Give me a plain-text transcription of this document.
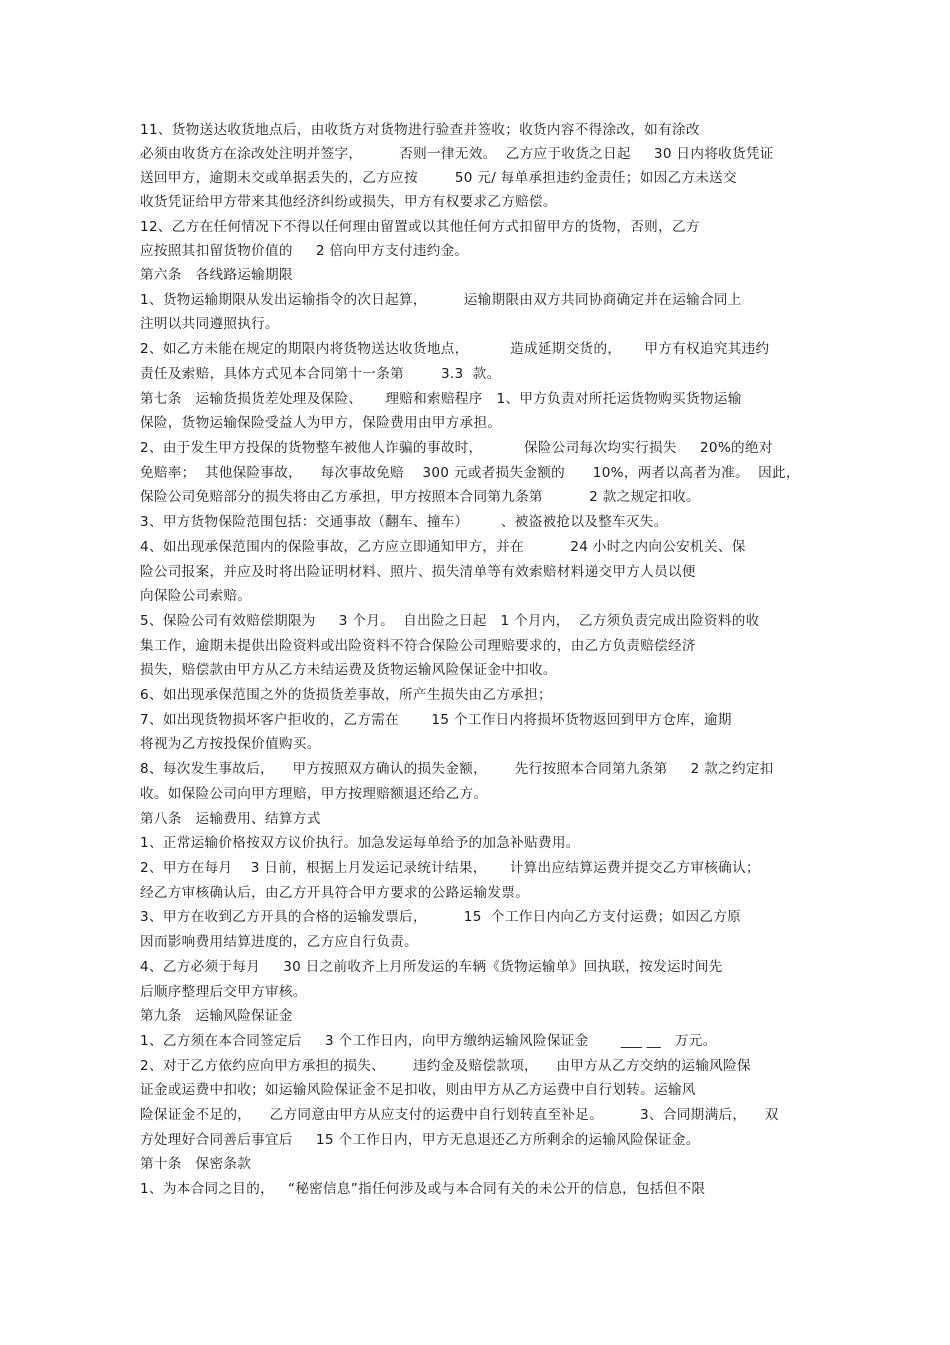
11、货物送达收货地点后，由收货方对货物进行验查并签收；收货内容不得涂改，如有涂改
必须由收货方在涂改处注明并签字，        否则一律无效。  乙方应于收货之日起     30 日内将收货凭证
送回甲方，逾期未交或单据丢失的，乙方应按        50 元/ 每单承担违约金责任；如因乙方未送交
收货凭证给甲方带来其他经济纠纷或损失，甲方有权要求乙方赔偿。
12、乙方在任何情况下不得以任何理由留置或以其他任何方式扣留甲方的货物，否则，乙方
应按照其扣留货物价值的     2 倍向甲方支付违约金。
第六条   各线路运输期限
1、货物运输期限从发出运输指令的次日起算，        运输期限由双方共同协商确定并在运输合同上
注明以共同遵照执行。
2、如乙方未能在规定的期限内将货物送达收货地点，         造成延期交货的，     甲方有权追究其违约
责任及索赔，具体方式见本合同第十一条第        3.3  款。
第七条   运输货损货差处理及保险、     理赔和索赔程序   1、甲方负责对所托运货物购买货物运输
保险，货物运输保险受益人为甲方，保险费用由甲方承担。
2、由于发生甲方投保的货物整车被他人诈骗的事故时，         保险公司每次均实行损失     20%的绝对
免赔率；  其他保险事故，    每次事故免赔    300 元或者损失金额的      10%，两者以高者为准。  因此，
保险公司免赔部分的损失将由乙方承担，甲方按照本合同第九条第          2 款之规定扣收。
3、甲方货物保险范围包括：交通事故（翻车、撞车）       、被盗被抢以及整车灭失。
4、如出现承保范围内的保险事故，乙方应立即通知甲方，并在          24 小时之内向公安机关、保
险公司报案，并应及时将出险证明材料、照片、损失清单等有效索赔材料递交甲方人员以便
向保险公司索赔。
5、保险公司有效赔偿期限为     3 个月。  自出险之日起   1 个月内，  乙方须负责完成出险资料的收
集工作，逾期未提供出险资料或出险资料不符合保险公司理赔要求的，由乙方负责赔偿经济
损失，赔偿款由甲方从乙方未结运费及货物运输风险保证金中扣收。
6、如出现承保范围之外的货损货差事故，所产生损失由乙方承担；
7、如出现货物损坏客户拒收的，乙方需在       15 个工作日内将损坏货物返回到甲方仓库，逾期
将视为乙方按投保价值购买。
8、每次发生事故后，    甲方按照双方确认的损失金额，      先行按照本合同第九条第     2 款之约定扣
收。如保险公司向甲方理赔，甲方按理赔额退还给乙方。
第八条   运输费用、结算方式
1、正常运输价格按双方议价执行。加急发运每单给予的加急补贴费用。
2、甲方在每月    3 日前，根据上月发运记录统计结果，     计算出应结算运费并提交乙方审核确认；
经乙方审核确认后，由乙方开具符合甲方要求的公路运输发票。
3、甲方在收到乙方开具的合格的运输发票后，        15  个工作日内向乙方支付运费；如因乙方原
因而影响费用结算进度的，乙方应自行负责。
4、乙方必须于每月     30 日之前收齐上月所发运的车辆《货物运输单》回执联，按发运时间先
后顺序整理后交甲方审核。
第九条   运输风险保证金
1、乙方须在本合同签定后     3 个工作日内，向甲方缴纳运输风险保证金       ___ __   万元。
2、对于乙方依约应向甲方承担的损失、      违约金及赔偿款项，    由甲方从乙方交纳的运输风险保
证金或运费中扣收；如运输风险保证金不足扣收，则由甲方从乙方运费中自行划转。运输风
险保证金不足的，    乙方同意由甲方从应支付的运费中自行划转直至补足。        3、合同期满后，    双
方处理好合同善后事宜后     15 个工作日内，甲方无息退还乙方所剩余的运输风险保证金。
第十条   保密条款
1、为本合同之目的，   “秘密信息”指任何涉及或与本合同有关的未公开的信息，包括但不限
